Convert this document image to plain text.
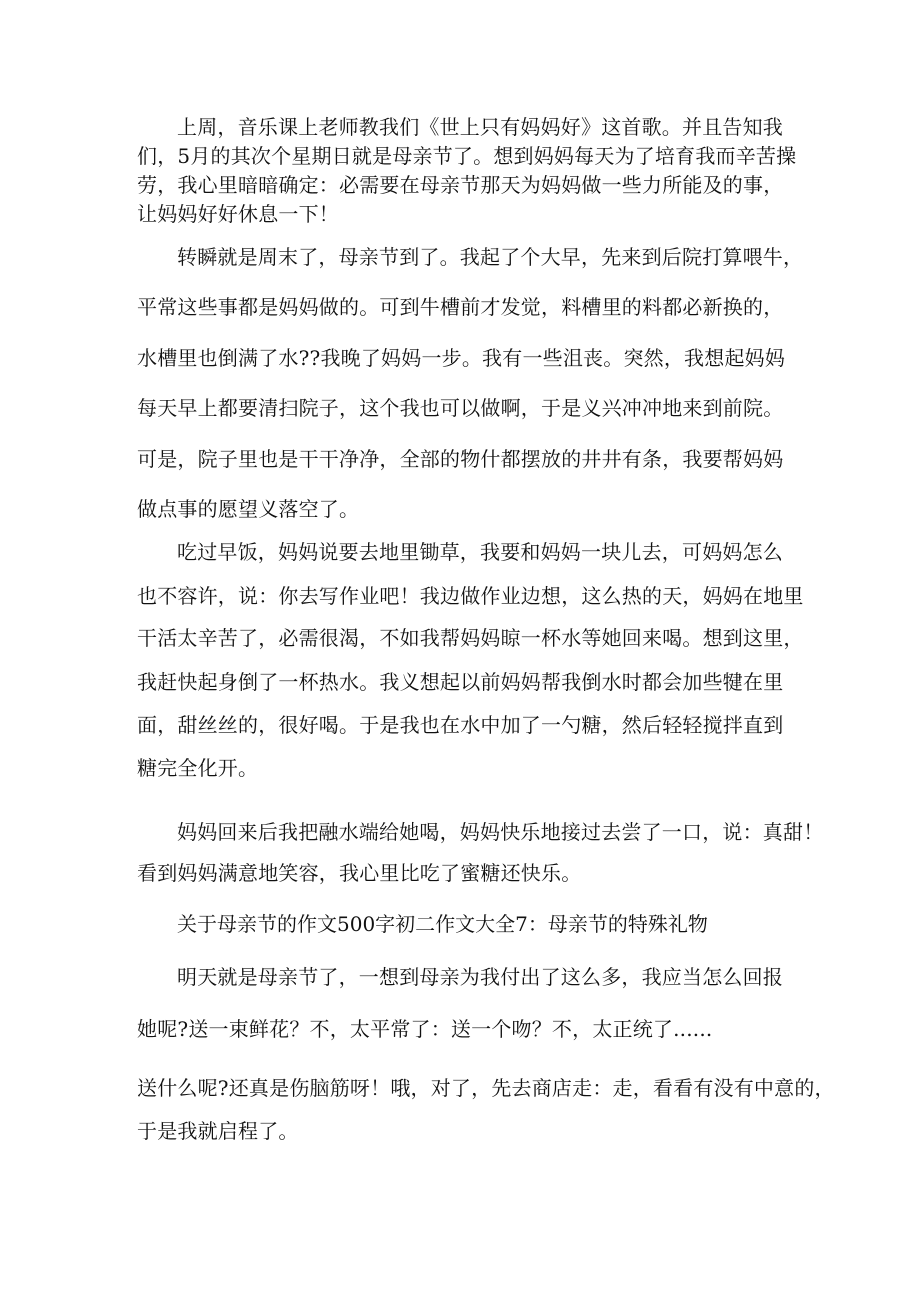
上周，音乐课上老师教我们《世上只有妈妈好》这首歌。并且告知我
们，5月的其次个星期日就是母亲节了。想到妈妈每天为了培育我而辛苦操
劳，我心里暗暗确定：必需要在母亲节那天为妈妈做一些力所能及的事，
让妈妈好好休息一下！
转瞬就是周末了，母亲节到了。我起了个大早，先来到后院打算喂牛，
平常这些事都是妈妈做的。可到牛槽前才发觉，料槽里的料都必新换的，
水槽里也倒满了水??我晚了妈妈一步。我有一些沮丧。突然，我想起妈妈
每天早上都要清扫院子，这个我也可以做啊，于是义兴冲冲地来到前院。
可是，院子里也是干干净净，全部的物什都摆放的井井有条，我要帮妈妈
做点事的愿望义落空了。
吃过早饭，妈妈说要去地里锄草，我要和妈妈一块儿去，可妈妈怎么
也不容许，说：你去写作业吧！我边做作业边想，这么热的天，妈妈在地里
干活太辛苦了，必需很渴，不如我帮妈妈晾一杯水等她回来喝。想到这里，
我赶快起身倒了一杯热水。我义想起以前妈妈帮我倒水时都会加些犍在里
面，甜丝丝的，很好喝。于是我也在水中加了一勺糖，然后轻轻搅拌直到
糖完全化开。
妈妈回来后我把融水端给她喝，妈妈快乐地接过去尝了一口，说：真甜！
看到妈妈满意地笑容，我心里比吃了蜜糖还快乐。
关于母亲节的作文500字初二作文大全7：母亲节的特殊礼物
明天就是母亲节了，一想到母亲为我付出了这么多，我应当怎么回报
她呢?送一束鲜花？不，太平常了：送一个吻？不，太正统了......
送什么呢?还真是伤脑筋呀！哦，对了，先去商店走：走，看看有没有中意的，
于是我就启程了。
